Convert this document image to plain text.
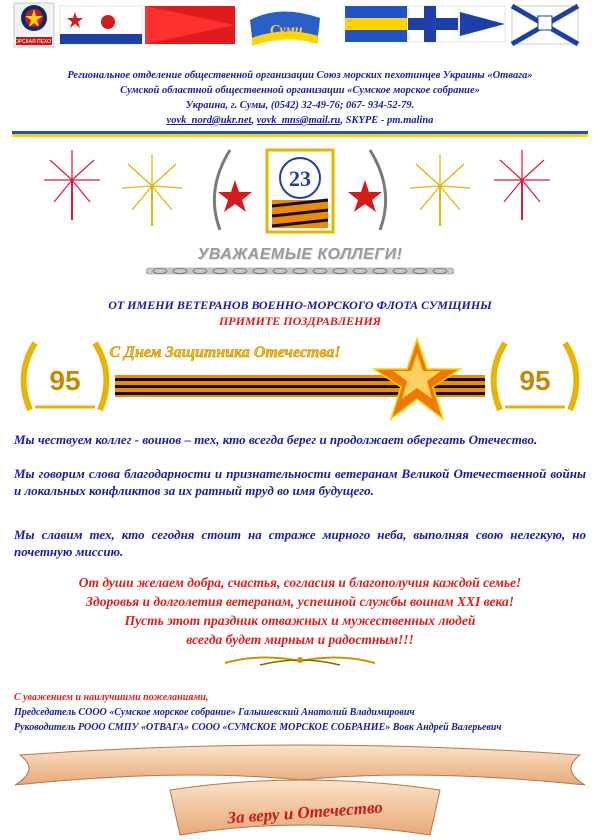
МОРСКАЯ ПЕХОТА
Суми
Региональное отделение общественной организации Союз морских пехотинцев Украины «Отвага»
Сумской областной общественной организации «Сумское морское собрание»
Украина, г. Сумы, (0542) 32-49-76; 067- 934-52-79.
vovk_nord@ukr.net, vovk_mns@mail.ru, SKYPE - pm.malina
23
УВАЖАЕМЫЕ КОЛЛЕГИ!
ОТ ИМЕНИ ВЕТЕРАНОВ ВОЕННО-МОРСКОГО ФЛОТА СУМЩИНЫ
ПРИМИТЕ ПОЗДРАВЛЕНИЯ
95
С Днем Защитника Отечества!
95
Мы чествуем коллег - воинов – тех, кто всегда берег и продолжает оберегать Отечество.
Мы говорим слова благодарности и признательности ветеранам Великой Отечественной войны и локальных конфликтов за их ратный труд во имя будущего.
Мы славим тех, кто сегодня стоит на страже мирного неба, выполняя свою нелегкую, но почетную миссию.
От души желаем добра, счастья, согласия и благополучия каждой семье!
Здоровья и долголетия ветеранам, успешной службы воинам XXI века!
Пусть этот праздник отважных и мужественных людей
всегда будет мирным и радостным!!!
С уважением и наилучшими пожеланиями,
Председатель СООО «Сумское морское собрание» Галышевский Анатолий Владимирович
Руководитель РООО СМПУ «ОТВАГА» СООО «СУМСКОЕ МОРСКОЕ СОБРАНИЕ» Вовк Андрей Валерьевич
За веру и Отечество
